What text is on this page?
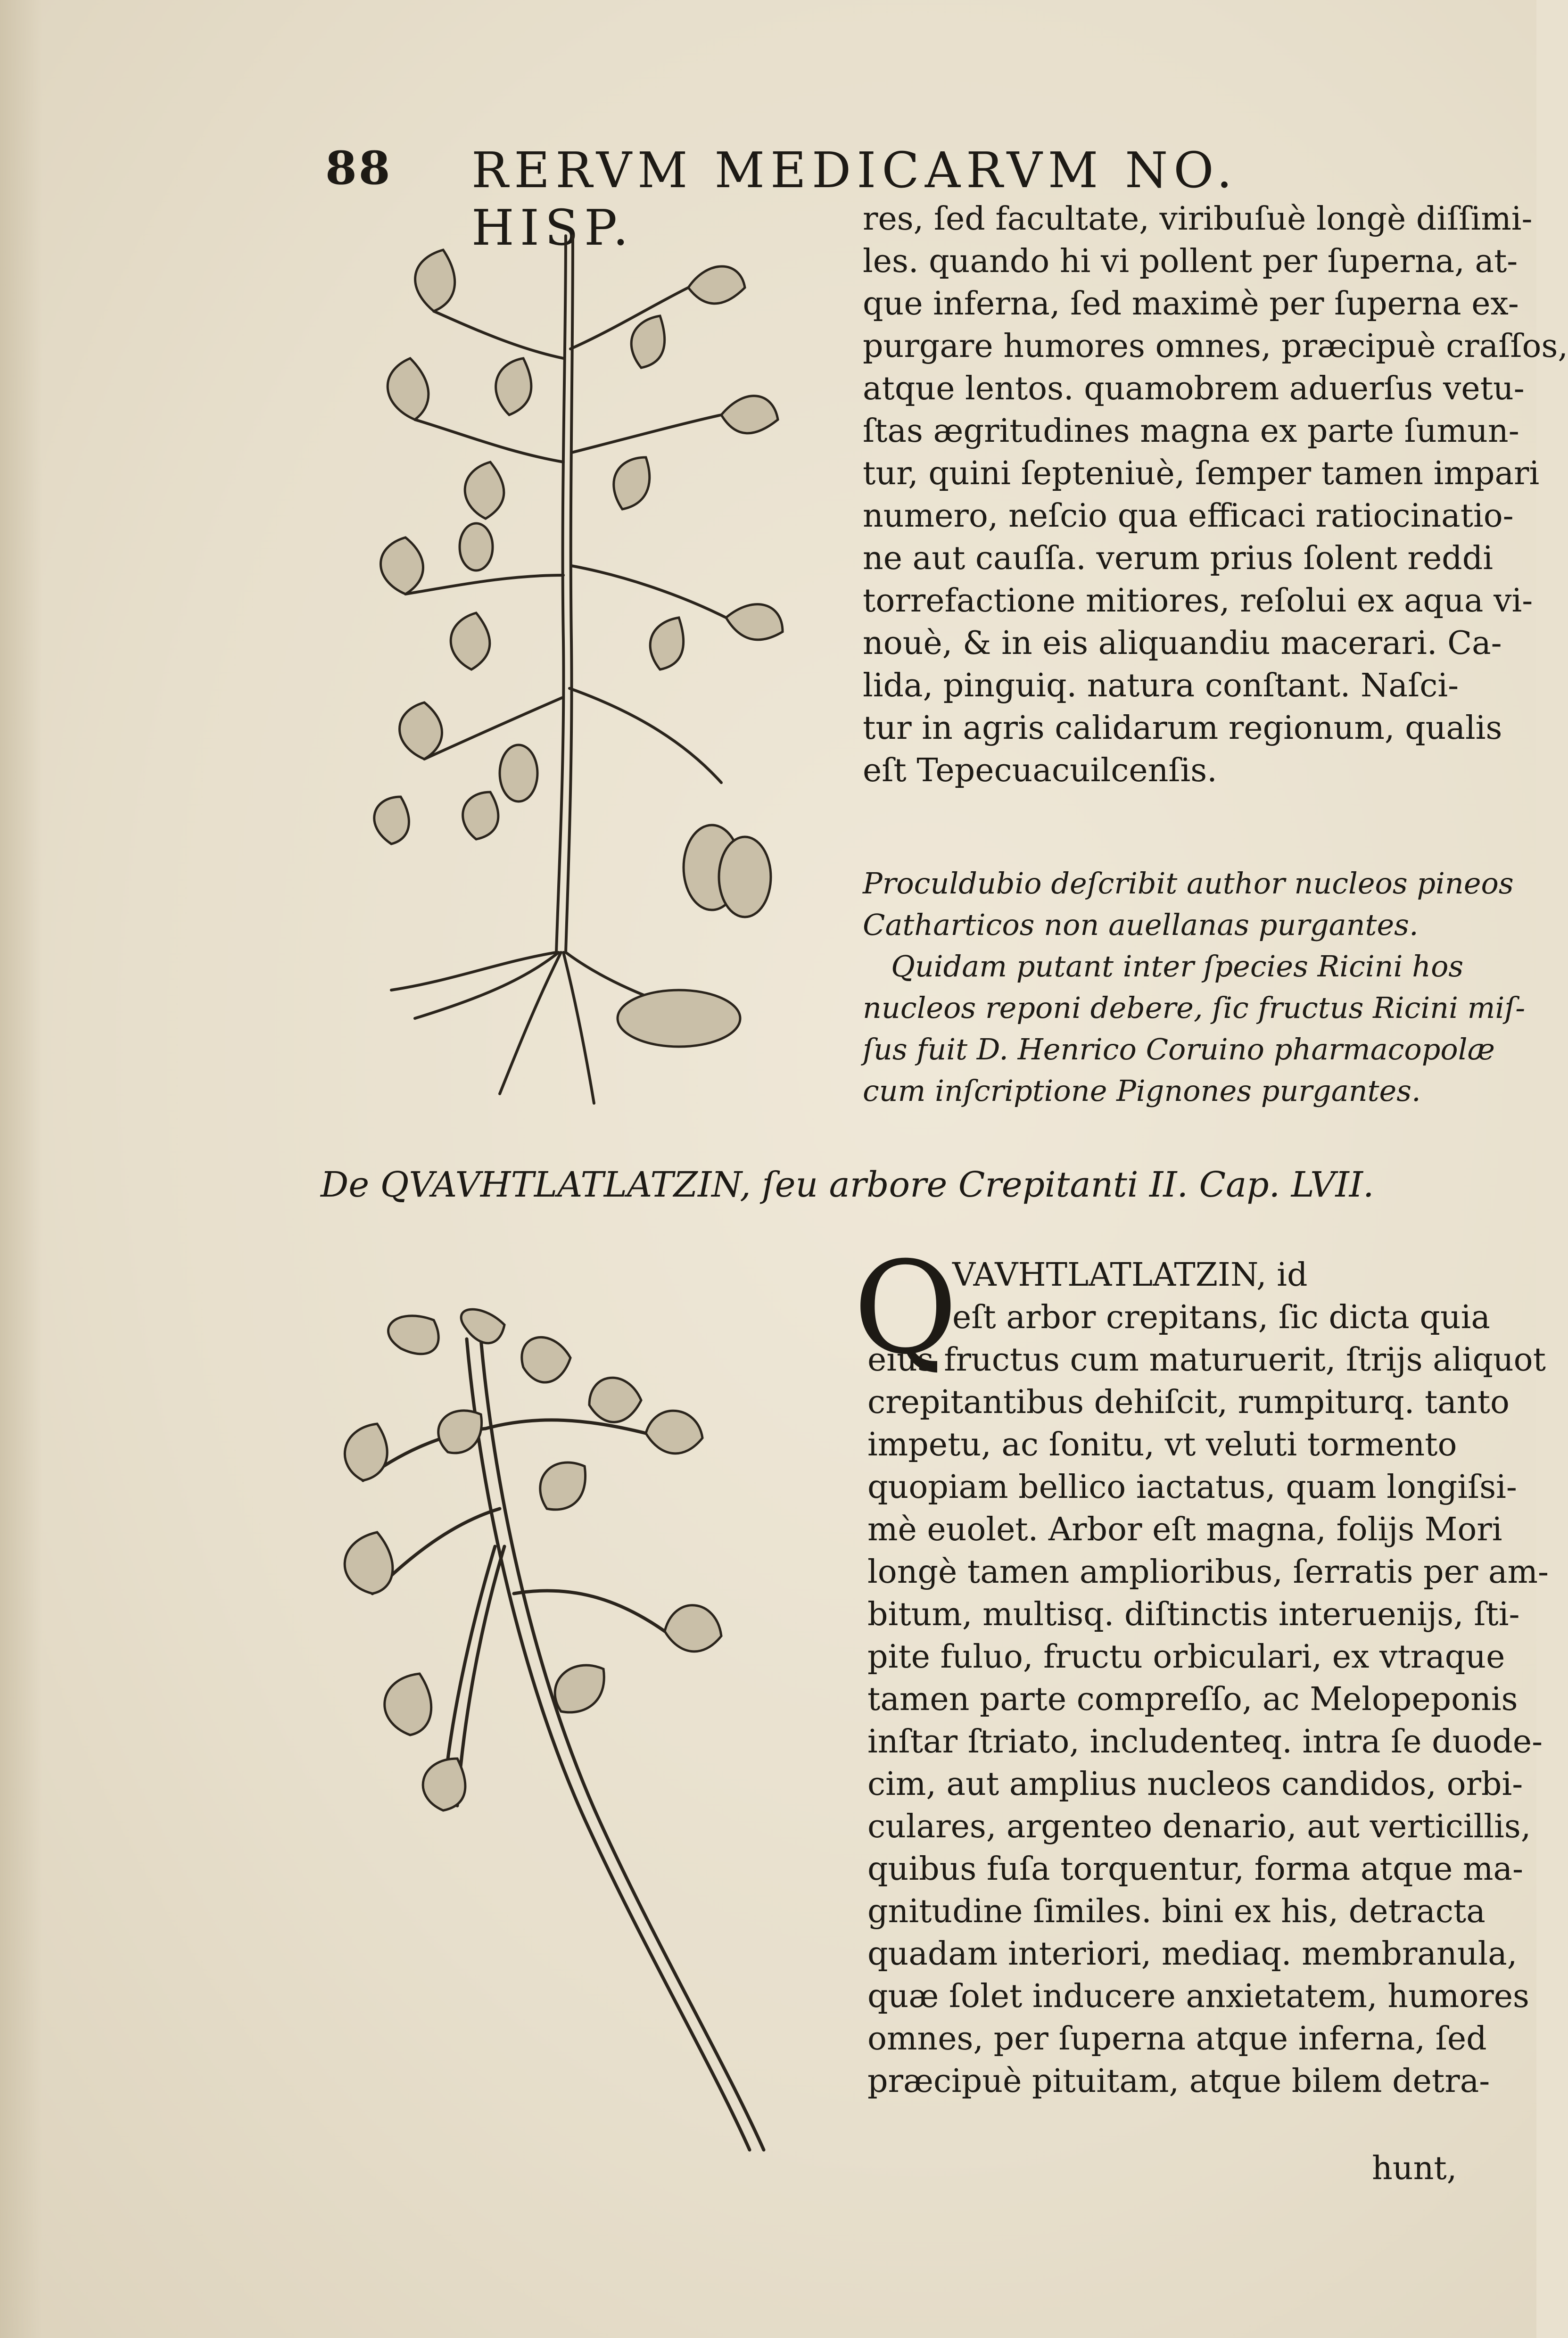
88 RERVM MEDICARVM NO. HISP.	res, ſed facultate, viribuſuè longè diſſimi-
les. quando hi vi pollent per ſuperna, at-
que inferna, ſed maximè per ſuperna ex-
purgare humores omnes, præcipuè craſſos,
atque lentos. quamobrem aduerſus vetu-
ſtas ægritudines magna ex parte ſumun-
tur, quini ſepteniuè, ſemper tamen impari
numero, neſcio qua efficaci ratiocinatio-
ne aut cauſſa. verum prius ſolent reddi
torrefactione mitiores, reſolui ex aqua vi-
nouè, & in eis aliquandiu macerari. Ca-
lida, pinguiq. natura conſtant. Naſci-
tur in agris calidarum regionum, qualis
eſt Tepecuacuilcenſis.
Proculdubio deſcribit author nucleos pineos
Catharticos non auellanas purgantes.
Quidam putant inter ſpecies Ricini hos
nucleos reponi debere, ſic fructus Ricini miſ-
ſus fuit D. Henrico Coruino pharmacopolæ
cum inſcriptione Pignones purgantes.
De QVAVHTLATLATZIN, ſeu arbore Crepitanti II. Cap. LVII.
Q
VAVHTLATLATZIN, id
eſt arbor crepitans, ſic dicta quia
eius fructus cum maturuerit, ſtrijs aliquot
crepitantibus dehiſcit, rumpiturq. tanto
impetu, ac ſonitu, vt veluti tormento
quopiam bellico iactatus, quam longiſsi-
mè euolet. Arbor eſt magna, folijs Mori
longè tamen amplioribus, ſerratis per am-
bitum, multisq. diſtinctis interuenijs, ſti-
pite fuluo, fructu orbiculari, ex vtraque
tamen parte compreſſo, ac Melopeponis
inſtar ſtriato, includenteq. intra ſe duode-
cim, aut amplius nucleos candidos, orbi-
culares, argenteo denario, aut verticillis,
quibus fuſa torquentur, forma atque ma-
gnitudine ſimiles. bini ex his, detracta
quadam interiori, mediaq. membranula,
quæ ſolet inducere anxietatem, humores
omnes, per ſuperna atque inferna, ſed
præcipuè pituitam, atque bilem detra-
hunt,
